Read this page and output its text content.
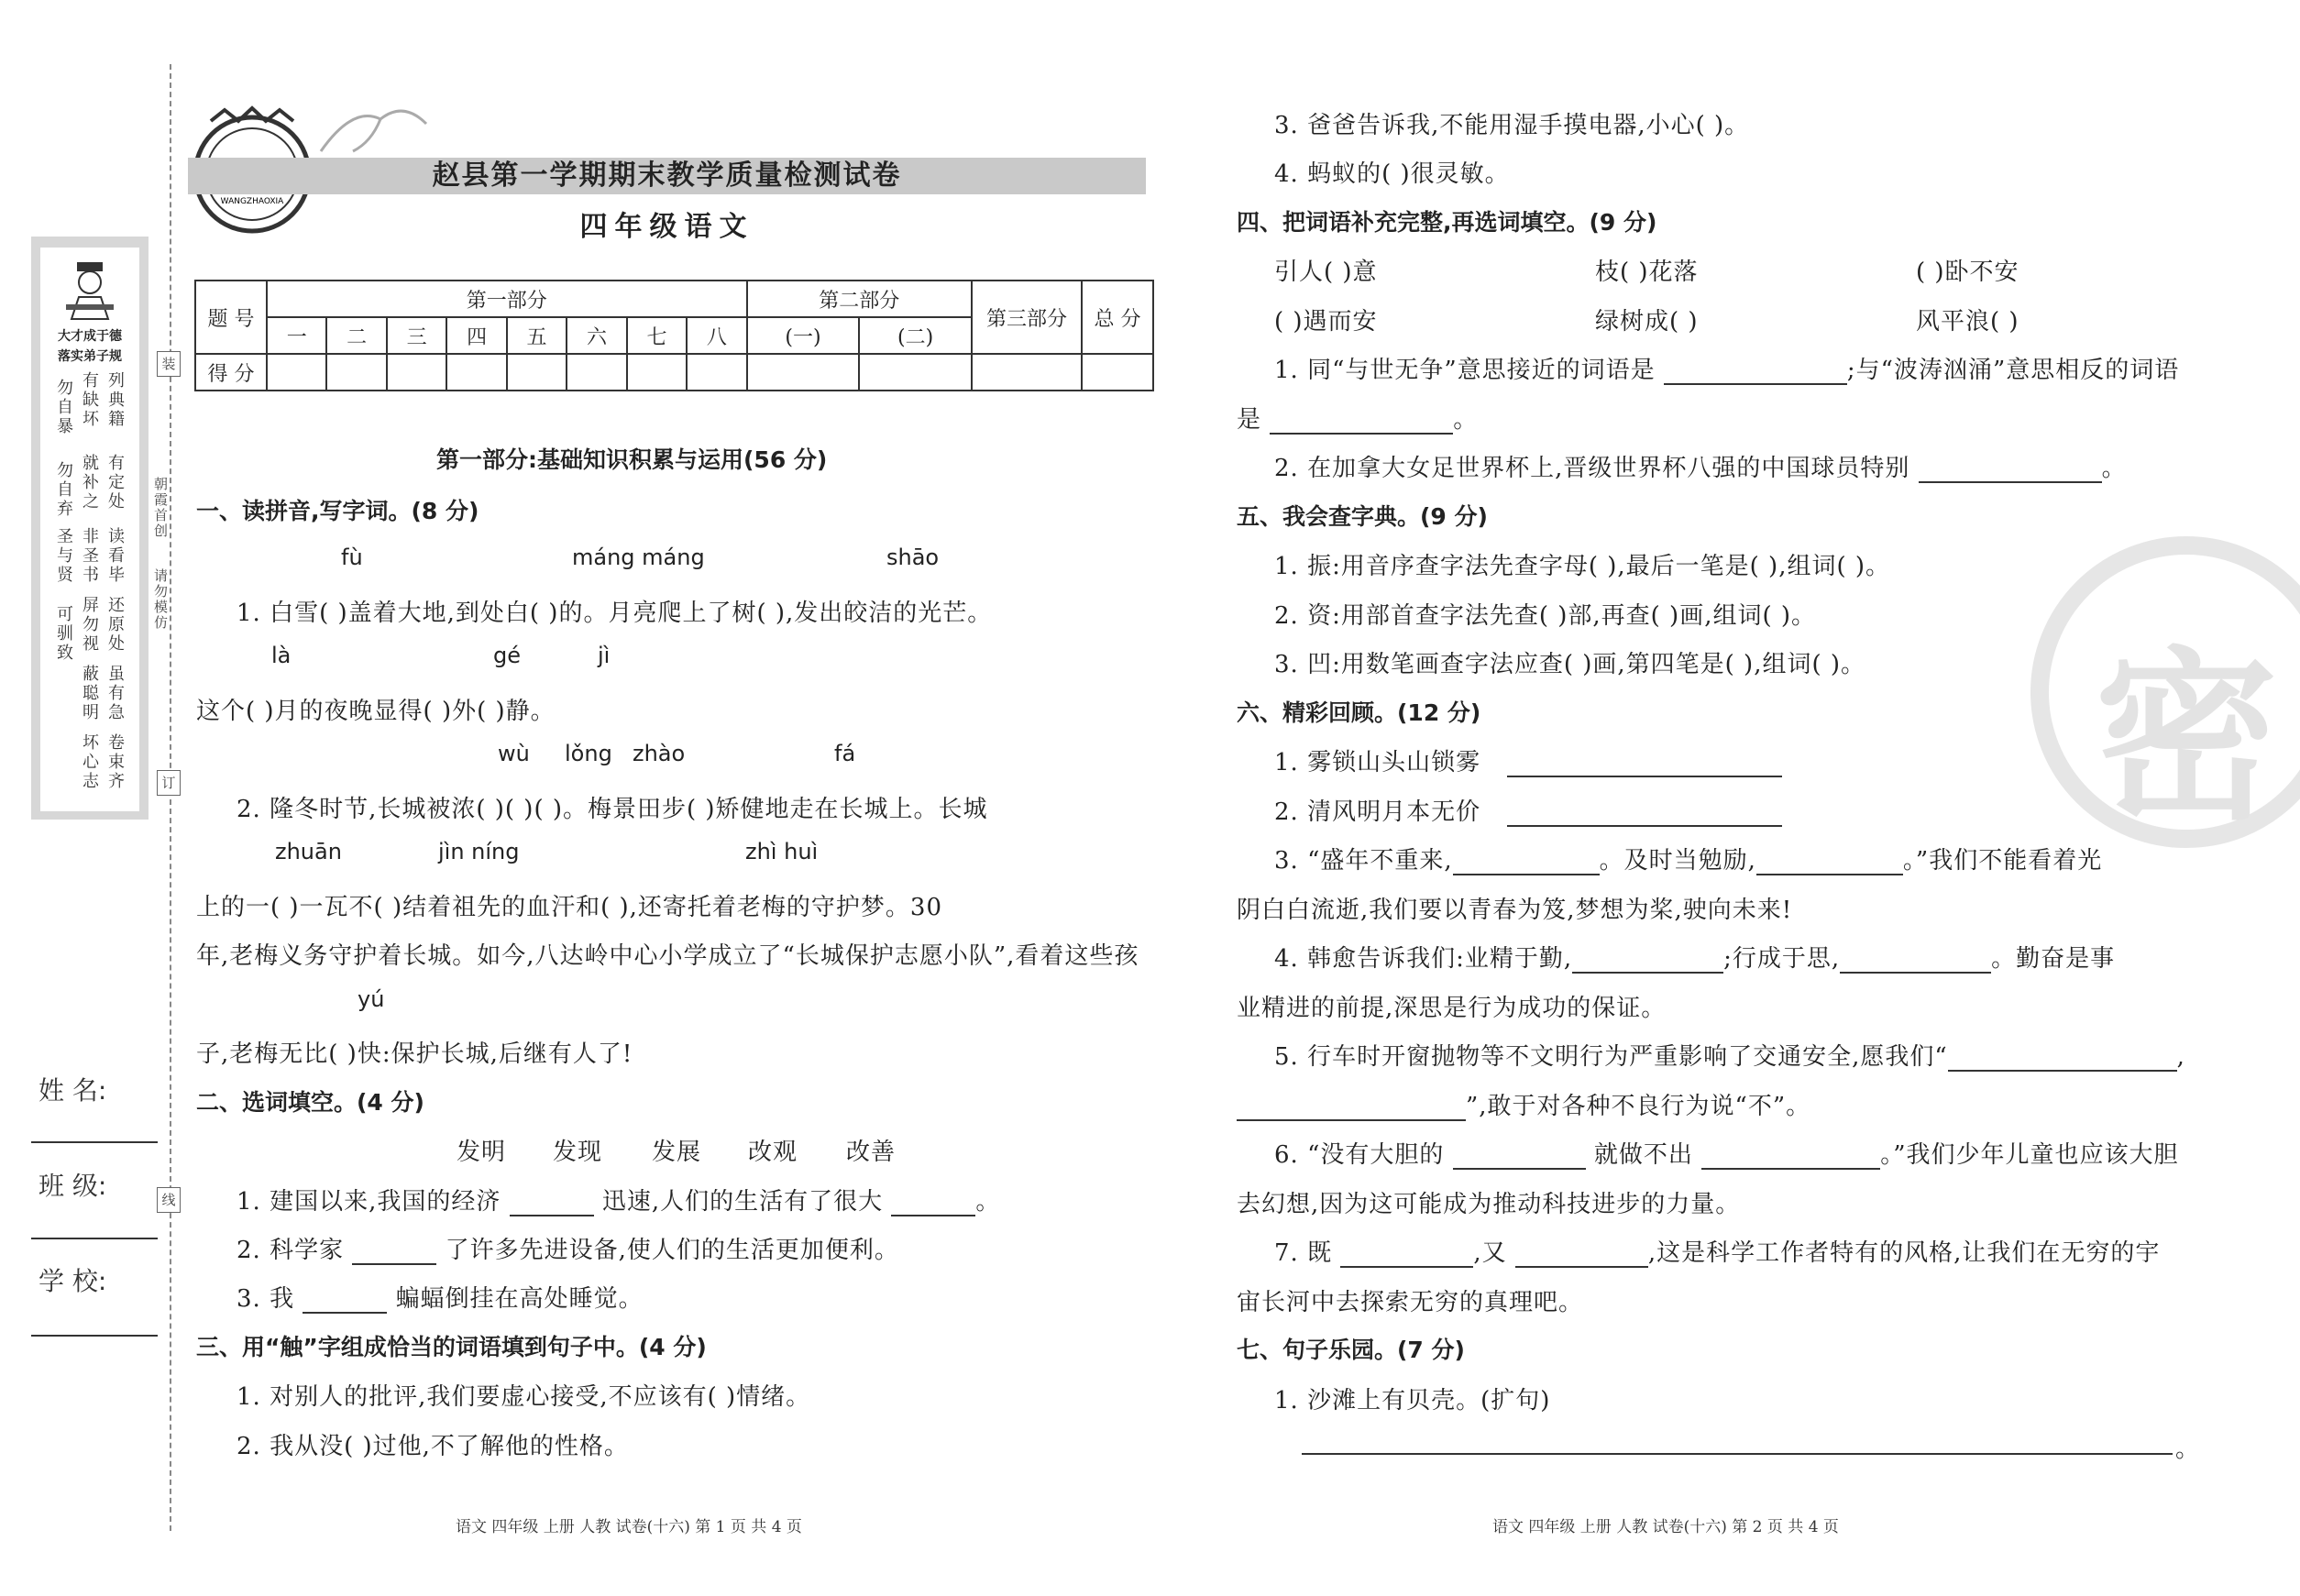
大才成于德
落实弟子规
列典籍
有缺坏
勿自暴
有定处
就补之
勿自弃
读看毕
非圣书
圣与贤
还原处
屏勿视
可驯致
虽有急
蔽聪明
卷束齐
坏心志
朝霞首创
请勿模仿
装
订
线
姓 名:
班 级:
学 校:
WANGZHAOXIA
赵县第一学期期末教学质量检测试卷
四年级语文
题 号	第一部分								第二部分		第三部分	总 分
	一	二	三	四	五	六	七	八	(一)	(二)		
得 分												
第一部分:基础知识积累与运用(56 分)
一、读拼音,写字词。(8 分)
fù	máng máng	shāo
1. 白雪( )盖着大地,到处白( )的。月亮爬上了树( ),发出皎洁的光芒。
là	gé	jì
这个( )月的夜晚显得( )外( )静。
wù lǒng zhào	fá
2. 隆冬时节,长城被浓( )( )( )。梅景田步( )矫健地走在长城上。长城
zhuān	jìn níng	zhì huì
上的一( )一瓦不( )结着祖先的血汗和( ),还寄托着老梅的守护梦。30
年,老梅义务守护着长城。如今,八达岭中心小学成立了“长城保护志愿小队”,看着这些孩
yú
子,老梅无比( )快:保护长城,后继有人了!
二、选词填空。(4 分)
发明 发现 发展 改观 改善
1. 建国以来,我国的经济	迅速,人们的生活有了很大	。
2. 科学家	了许多先进设备,使人们的生活更加便利。
3. 我	蝙蝠倒挂在高处睡觉。
三、用“触”字组成恰当的词语填到句子中。(4 分)
1. 对别人的批评,我们要虚心接受,不应该有( )情绪。
2. 我从没( )过他,不了解他的性格。
语文 四年级 上册 人教 试卷(十六) 第 1 页 共 4 页
密
3. 爸爸告诉我,不能用湿手摸电器,小心( )。
4. 蚂蚁的( )很灵敏。
四、把词语补充完整,再选词填空。(9 分)
引人( )意	枝( )花落	( )卧不安
( )遇而安	绿树成( )	风平浪( )
1. 同“与世无争”意思接近的词语是	;与“波涛汹涌”意思相反的词语
是	。
2. 在加拿大女足世界杯上,晋级世界杯八强的中国球员特别	。
五、我会查字典。(9 分)
1. 振:用音序查字法先查字母( ),最后一笔是( ),组词( )。
2. 资:用部首查字法先查( )部,再查( )画,组词( )。
3. 凹:用数笔画查字法应查( )画,第四笔是( ),组词( )。
六、精彩回顾。(12 分)
1. 雾锁山头山锁雾
2. 清风明月本无价
3. “盛年不重来,	。及时当勉励,	。”我们不能看着光
阴白白流逝,我们要以青春为笈,梦想为桨,驶向未来!
4. 韩愈告诉我们:业精于勤,	;行成于思,	。勤奋是事
业精进的前提,深思是行为成功的保证。
5. 行车时开窗抛物等不文明行为严重影响了交通安全,愿我们“	,
”,敢于对各种不良行为说“不”。
6. “没有大胆的	就做不出	。”我们少年儿童也应该大胆
去幻想,因为这可能成为推动科技进步的力量。
7. 既	,又	,这是科学工作者特有的风格,让我们在无穷的宇
宙长河中去探索无穷的真理吧。
七、句子乐园。(7 分)
1. 沙滩上有贝壳。(扩句)
。
语文 四年级 上册 人教 试卷(十六) 第 2 页 共 4 页
